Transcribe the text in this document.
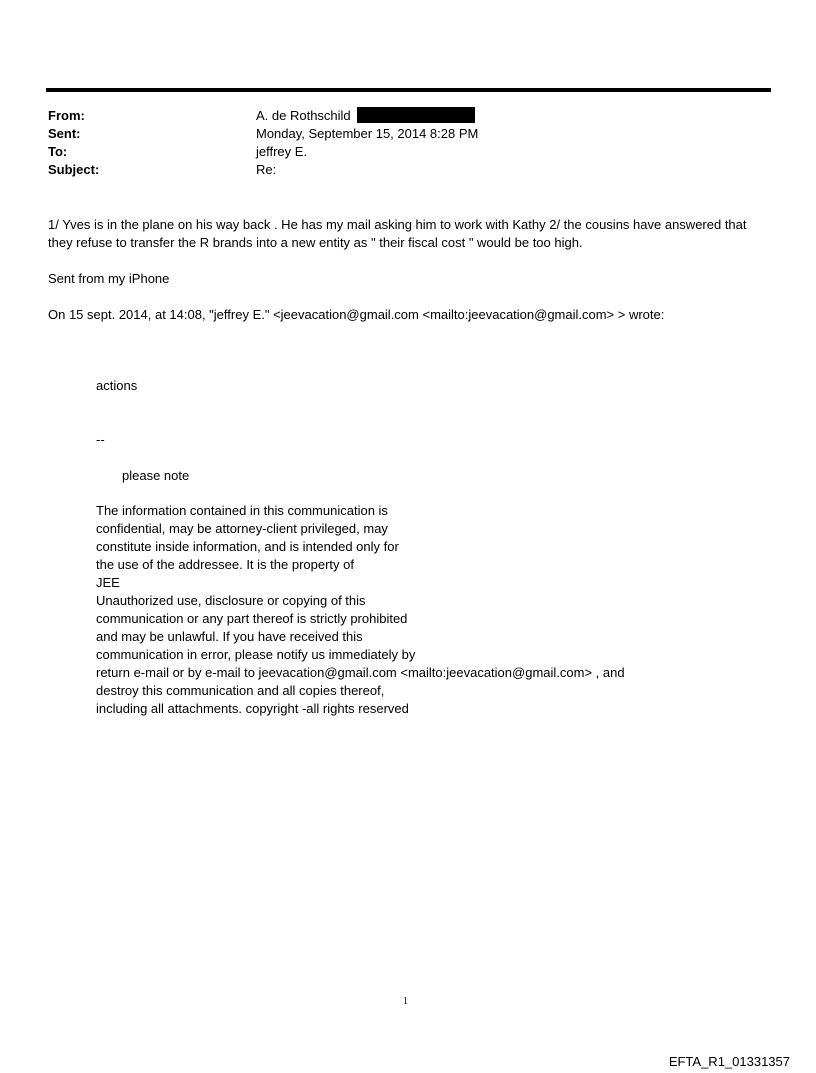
From:	A. de Rothschild
Sent:	Monday, September 15, 2014 8:28 PM
To:	jeffrey E.
Subject:	Re:
1/ Yves is in the plane on his way back . He has my mail asking him to work with Kathy 2/ the cousins have answered that
they refuse to transfer the R brands into a new entity as " their fiscal cost " would be too high.
Sent from my iPhone
On 15 sept. 2014, at 14:08, "jeffrey E." <jeevacation@gmail.com <mailto:jeevacation@gmail.com> > wrote:
actions
--
please note
The information contained in this communication is
confidential, may be attorney-client privileged, may
constitute inside information, and is intended only for
the use of the addressee. It is the property of
JEE
Unauthorized use, disclosure or copying of this
communication or any part thereof is strictly prohibited
and may be unlawful. If you have received this
communication in error, please notify us immediately by
return e-mail or by e-mail to jeevacation@gmail.com <mailto:jeevacation@gmail.com> , and
destroy this communication and all copies thereof,
including all attachments. copyright -all rights reserved
1
EFTA_R1_01331357
